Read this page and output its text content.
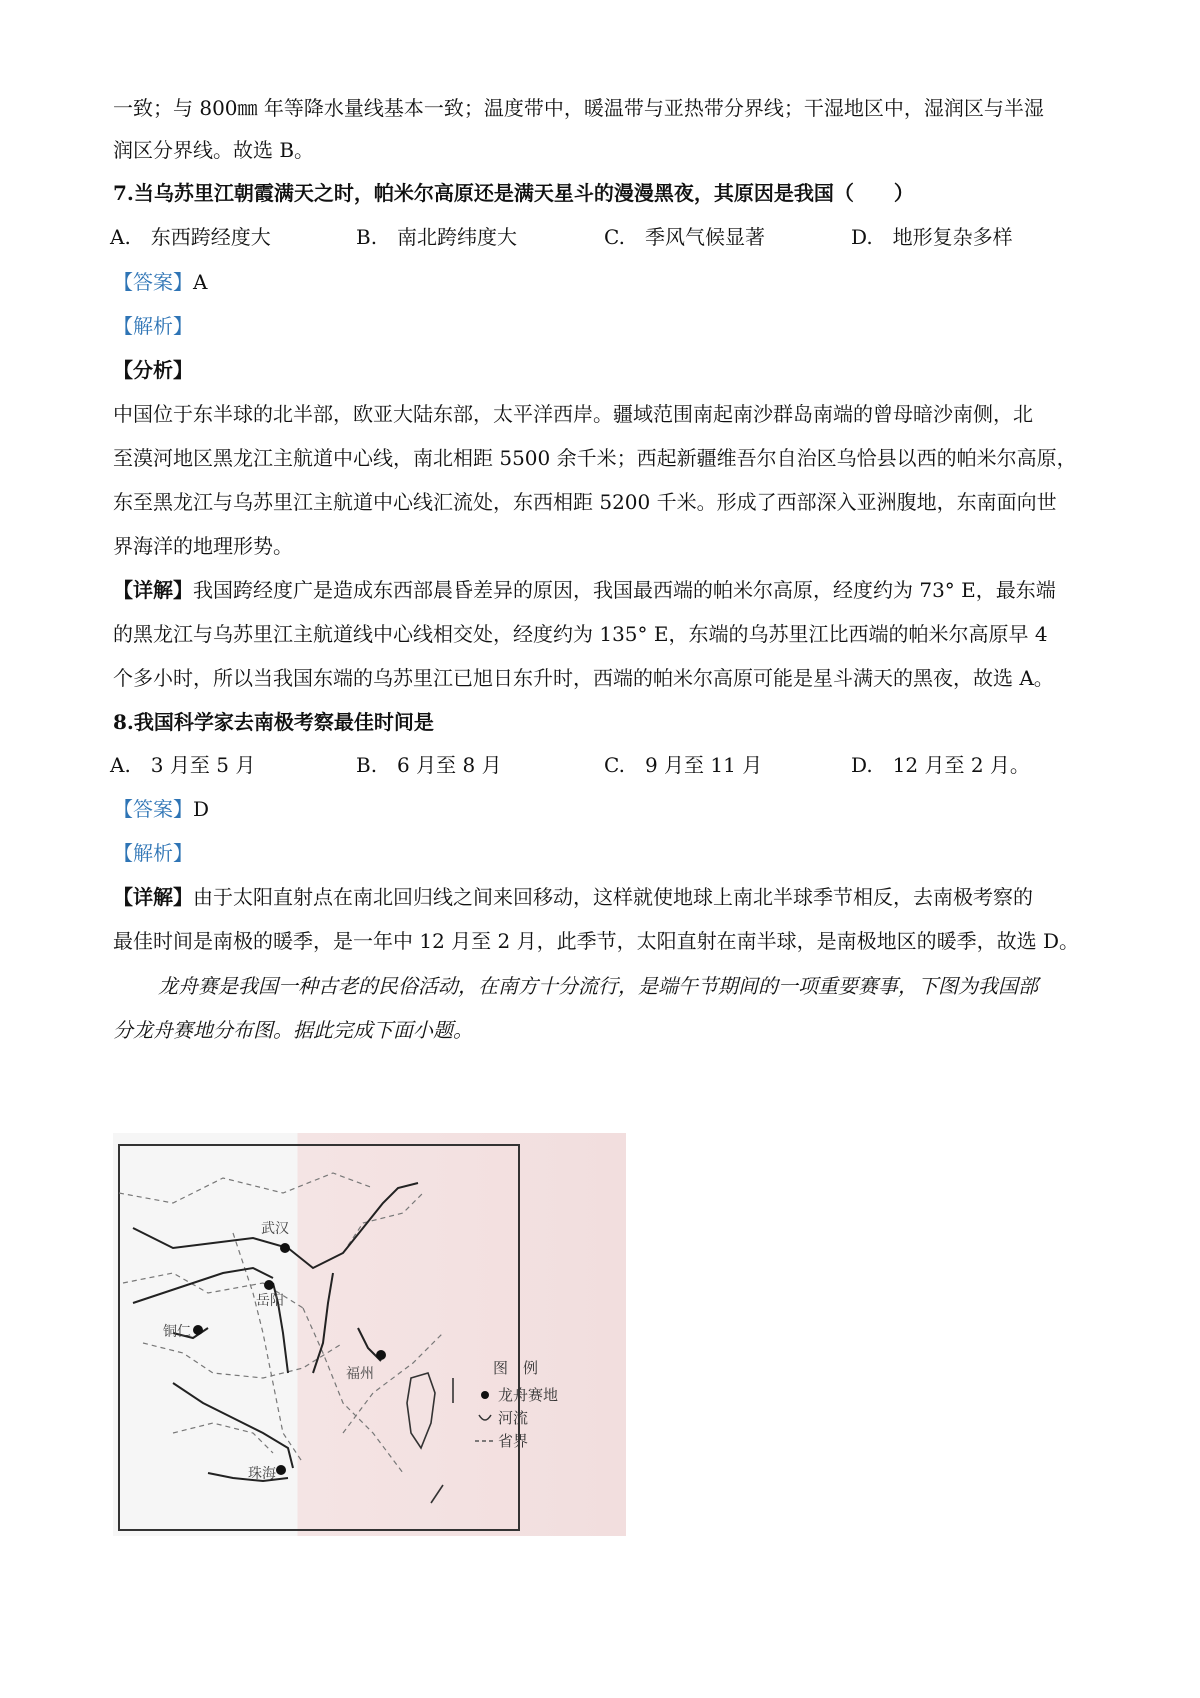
一致；与 800㎜ 年等降水量线基本一致；温度带中，暖温带与亚热带分界线；干湿地区中，湿润区与半湿
润区分界线。故选 B。
7.当乌苏里江朝霞满天之时，帕米尔高原还是满天星斗的漫漫黑夜，其原因是我国（　　）
A.　东西跨经度大	B.　南北跨纬度大	C.　季风气候显著	D.　地形复杂多样
【答案】A
【解析】
【分析】
中国位于东半球的北半部，欧亚大陆东部，太平洋西岸。疆域范围南起南沙群岛南端的曾母暗沙南侧，北
至漠河地区黑龙江主航道中心线，南北相距 5500 余千米；西起新疆维吾尔自治区乌恰县以西的帕米尔高原，
东至黑龙江与乌苏里江主航道中心线汇流处，东西相距 5200 千米。形成了西部深入亚洲腹地，东南面向世
界海洋的地理形势。
【详解】我国跨经度广是造成东西部晨昏差异的原因，我国最西端的帕米尔高原，经度约为 73° E，最东端
的黑龙江与乌苏里江主航道线中心线相交处，经度约为 135° E，东端的乌苏里江比西端的帕米尔高原早 4
个多小时，所以当我国东端的乌苏里江已旭日东升时，西端的帕米尔高原可能是星斗满天的黑夜，故选 A。
8.我国科学家去南极考察最佳时间是
A.　3 月至 5 月	B.　6 月至 8 月	C.　9 月至 11 月	D.　12 月至 2 月。
【答案】D
【解析】
【详解】由于太阳直射点在南北回归线之间来回移动，这样就使地球上南北半球季节相反，去南极考察的
最佳时间是南极的暖季，是一年中 12 月至 2 月，此季节，太阳直射在南半球，是南极地区的暖季，故选 D。
龙舟赛是我国一种古老的民俗活动，在南方十分流行，是端午节期间的一项重要赛事，下图为我国部
分龙舟赛地分布图。据此完成下面小题。
武汉
岳阳
铜仁
福州
珠海
图　例
龙舟赛地
河流
省界
